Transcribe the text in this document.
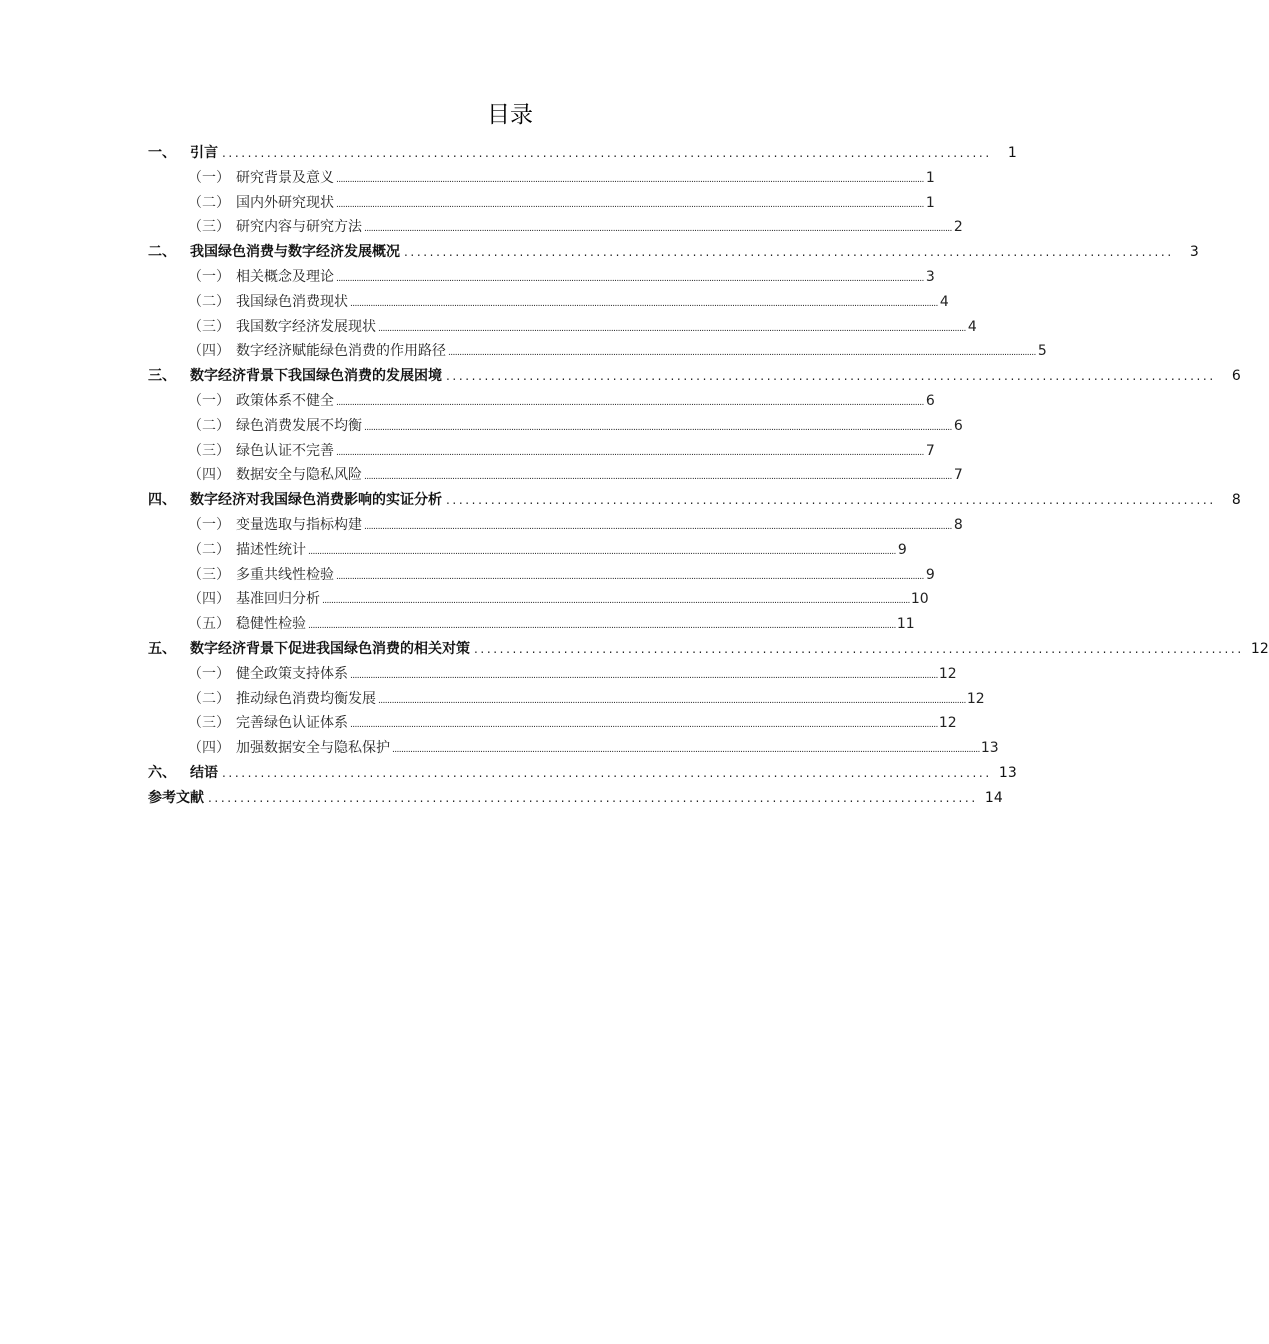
目录
一、	引言 ........................................................................................................................	1
（一） 研究背景及意义 .................................................................................................................................................................................................................................................................... 1
（二） 国内外研究现状 .................................................................................................................................................................................................................................................................... 1
（三） 研究内容与研究方法 .................................................................................................................................................................................................................................................................... 2
二、	我国绿色消费与数字经济发展概况 ........................................................................................................................	3
（一） 相关概念及理论 .................................................................................................................................................................................................................................................................... 3
（二） 我国绿色消费现状 .................................................................................................................................................................................................................................................................... 4
（三） 我国数字经济发展现状 .................................................................................................................................................................................................................................................................... 4
（四） 数字经济赋能绿色消费的作用路径 .................................................................................................................................................................................................................................................................... 5
三、	数字经济背景下我国绿色消费的发展困境 ........................................................................................................................	6
（一） 政策体系不健全 .................................................................................................................................................................................................................................................................... 6
（二） 绿色消费发展不均衡 .................................................................................................................................................................................................................................................................... 6
（三） 绿色认证不完善 .................................................................................................................................................................................................................................................................... 7
（四） 数据安全与隐私风险 .................................................................................................................................................................................................................................................................... 7
四、	数字经济对我国绿色消费影响的实证分析 ........................................................................................................................	8
（一） 变量选取与指标构建 .................................................................................................................................................................................................................................................................... 8
（二） 描述性统计 .................................................................................................................................................................................................................................................................... 9
（三） 多重共线性检验 .................................................................................................................................................................................................................................................................... 9
（四） 基准回归分析 .................................................................................................................................................................................................................................................................... 10
（五） 稳健性检验 .................................................................................................................................................................................................................................................................... 11
五、	数字经济背景下促进我国绿色消费的相关对策 ........................................................................................................................ 12
（一） 健全政策支持体系 .................................................................................................................................................................................................................................................................... 12
（二） 推动绿色消费均衡发展 .................................................................................................................................................................................................................................................................... 12
（三） 完善绿色认证体系 .................................................................................................................................................................................................................................................................... 12
（四） 加强数据安全与隐私保护 .................................................................................................................................................................................................................................................................... 13
六、	结语 ........................................................................................................................ 13
参考文献 ........................................................................................................................ 14
